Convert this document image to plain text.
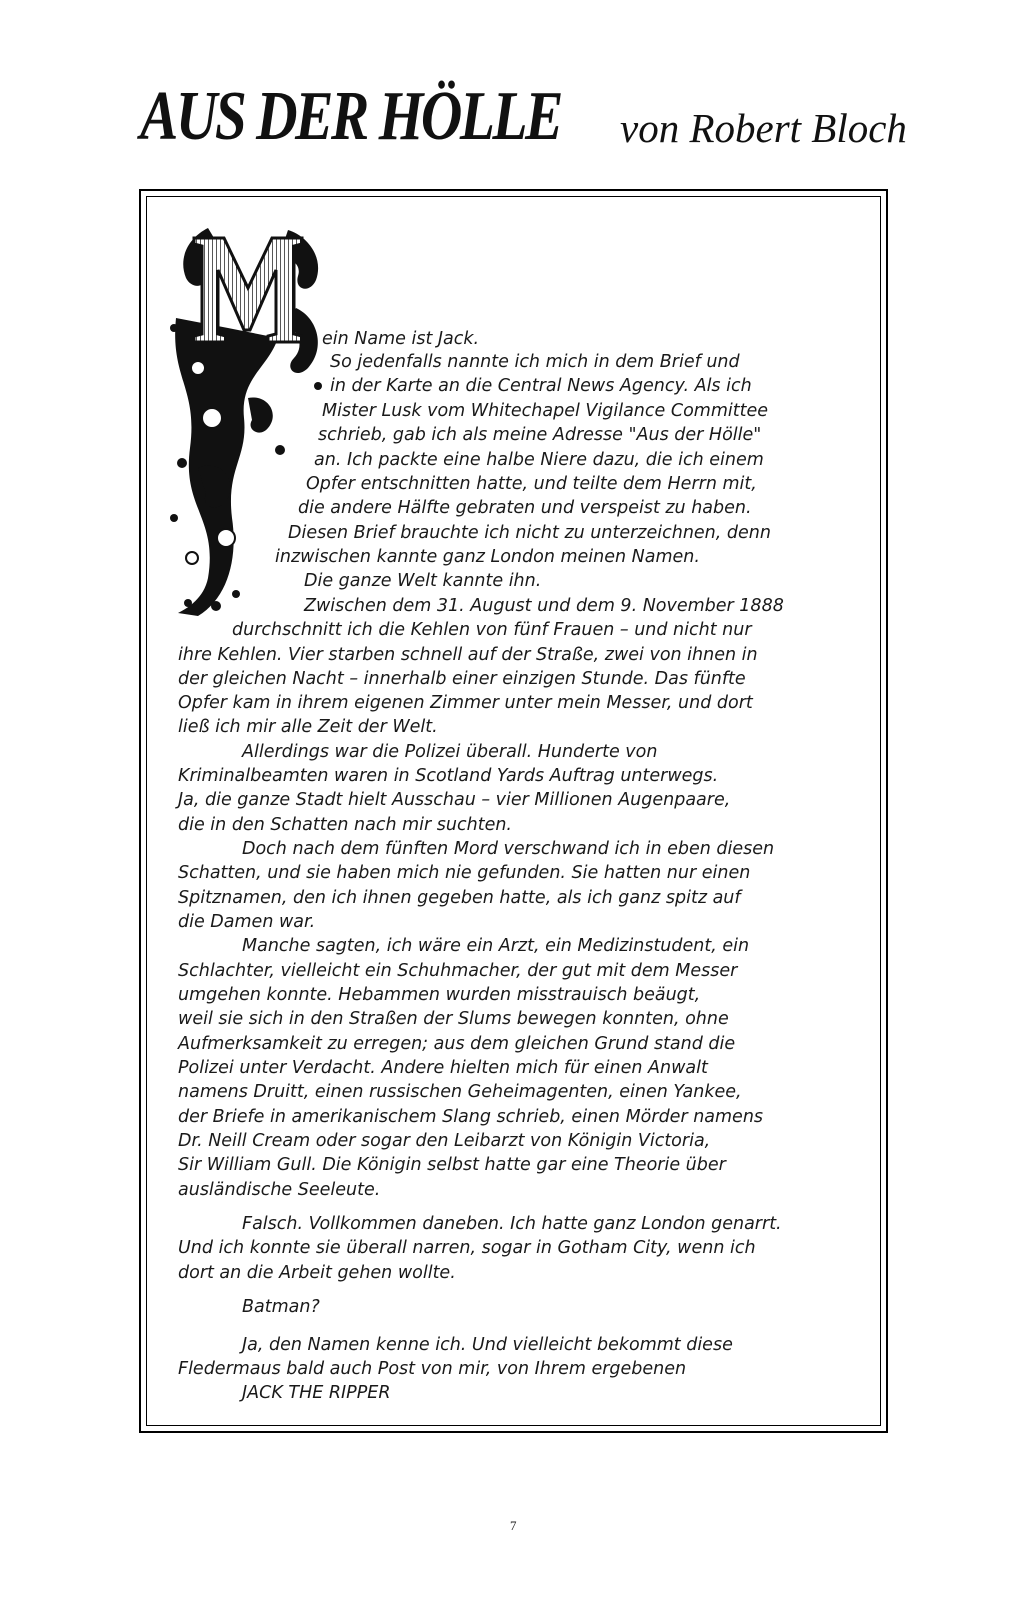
AUS DER HÖLLE von Robert Bloch
ein Name ist Jack.
So jedenfalls nannte ich mich in dem Brief und
in der Karte an die Central News Agency. Als ich
Mister Lusk vom Whitechapel Vigilance Committee
schrieb, gab ich als meine Adresse "Aus der Hölle"
an. Ich packte eine halbe Niere dazu, die ich einem
Opfer entschnitten hatte, und teilte dem Herrn mit,
die andere Hälfte gebraten und verspeist zu haben.
Diesen Brief brauchte ich nicht zu unterzeichnen, denn
inzwischen kannte ganz London meinen Namen.
Die ganze Welt kannte ihn.
Zwischen dem 31. August und dem 9. November 1888
durchschnitt ich die Kehlen von fünf Frauen – und nicht nur
ihre Kehlen. Vier starben schnell auf der Straße, zwei von ihnen in
der gleichen Nacht – innerhalb einer einzigen Stunde. Das fünfte
Opfer kam in ihrem eigenen Zimmer unter mein Messer, und dort
ließ ich mir alle Zeit der Welt.
Allerdings war die Polizei überall. Hunderte von
Kriminalbeamten waren in Scotland Yards Auftrag unterwegs.
Ja, die ganze Stadt hielt Ausschau – vier Millionen Augenpaare,
die in den Schatten nach mir suchten.
Doch nach dem fünften Mord verschwand ich in eben diesen
Schatten, und sie haben mich nie gefunden. Sie hatten nur einen
Spitznamen, den ich ihnen gegeben hatte, als ich ganz spitz auf
die Damen war.
Manche sagten, ich wäre ein Arzt, ein Medizinstudent, ein
Schlachter, vielleicht ein Schuhmacher, der gut mit dem Messer
umgehen konnte. Hebammen wurden misstrauisch beäugt,
weil sie sich in den Straßen der Slums bewegen konnten, ohne
Aufmerksamkeit zu erregen; aus dem gleichen Grund stand die
Polizei unter Verdacht. Andere hielten mich für einen Anwalt
namens Druitt, einen russischen Geheimagenten, einen Yankee,
der Briefe in amerikanischem Slang schrieb, einen Mörder namens
Dr. Neill Cream oder sogar den Leibarzt von Königin Victoria,
Sir William Gull. Die Königin selbst hatte gar eine Theorie über
ausländische Seeleute.
Falsch. Vollkommen daneben. Ich hatte ganz London genarrt.
Und ich konnte sie überall narren, sogar in Gotham City, wenn ich
dort an die Arbeit gehen wollte.
Batman?
Ja, den Namen kenne ich. Und vielleicht bekommt diese
Fledermaus bald auch Post von mir, von Ihrem ergebenen
JACK THE RIPPER
7
